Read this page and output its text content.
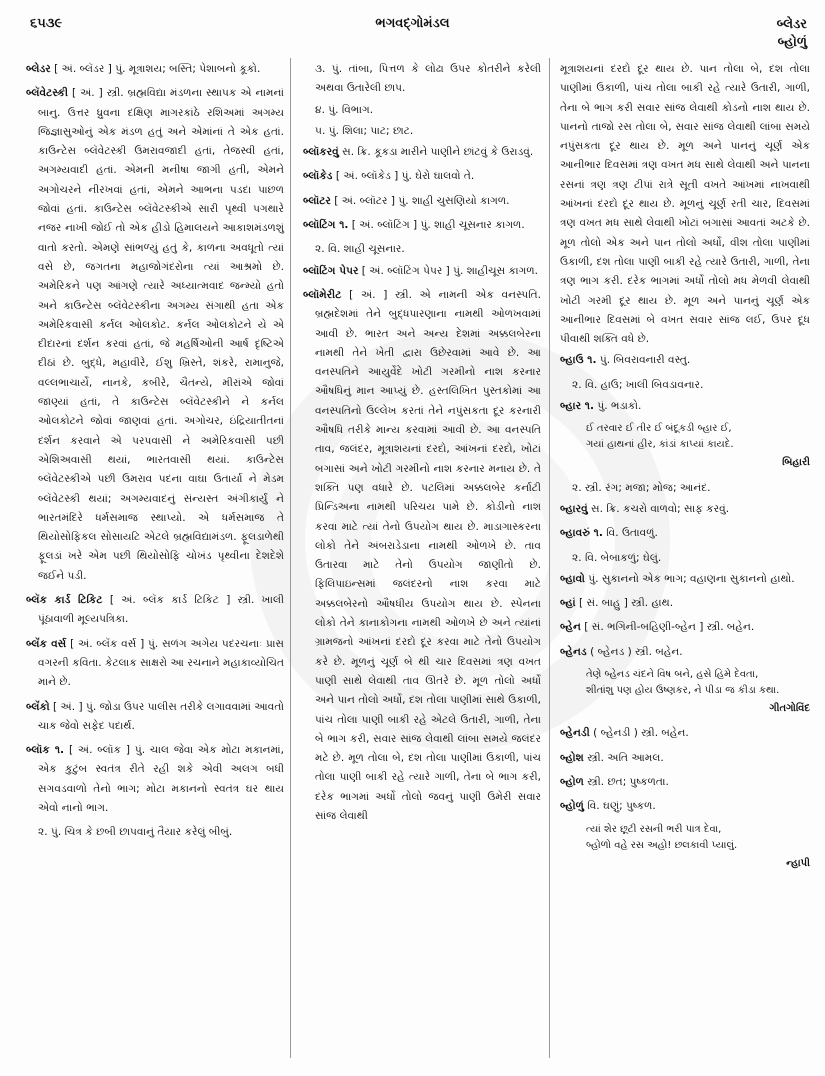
૬૫૩૯	ભગવદ્ગોમંડલ	બ્લેડર
બ્હોળું
બ્લેડર [ અં. બ્લૅડર ] પું. મૂત્રાશય; બસ્તિ; પેશાબનો કૂકો.
બ્લૅવેટસ્કી [ અં. ] સ્ત્રી. બ્રહ્મવિદ્યા મંડળના સ્થાપક એ નામનાં બાનુ. ઉત્તર ધ્રુવના દક્ષિણ માગરકાંઠે રશિઅમાં અગમ્ય જિજ્ઞાસુઓનું એક મંડળ હતું અને એમાંનાં તે એક હતાં. કાઉન્ટેસ બ્લૅવેટસ્કી ઉમરાવજાદી હતાં, તેજસ્વી હતાં, અગમ્યવાદી હતાં. એમની મનીષા જાગી હતી, એમને અગોચરને નીરખવાં હતાં, એમને આભના પડદા પાછળ જોવાં હતાં. કાઉન્ટેસ બ્લૅવેટસ્કીએ સારી પૃથ્વી પગથારે નજર નાખી જોઈ તો એક હીડો હિમાલયને આકાશમંડળશું વાતો કરતો. એમણે સાંભળ્યું હતું કે, કાળના અવધૂતો ત્યાં વસે છે, જગતના મહાજોગંદરોના ત્યાં આશ્રમો છે. અમેરિકને પણ આંગણે ત્યારે અધ્યાત્મવાદ જન્મ્યો હતો અને કાઉન્ટેસ બ્લૅવેટસ્કીના અગમ્ય સંગાથી હતા એક અમેરિકવાસી કર્નલ ઓલકોટ. કર્નલ ઓલકોટને યે એ દીદારનાં દર્શન કરવાં હતાં, જે મહર્ષિઓની આર્ષ દૃષ્ટિએ દીઠાં છે. બુદ્ધે, મહાવીરે, ઈશુ ખ્રિસ્તે, શંકરે, રામાનુજે, વલ્લભાચાર્યે, નાનકે, કબીરે, ચૈતન્યે, મીરાંએ જોવાં જાણ્યાં હતાં, તે કાઉન્ટેસ બ્લૅવેટસ્કીને ને કર્નલ ઓલકોટને જોવાં જાણવાં હતાં. અગોચર, ઇંદ્રિયાતીતનાં દર્શન કરવાને એ પરપવાસી ને અમેરિકવાસી પછી એશિઅવાસી થયાં, ભારતવાસી થયાં. કાઉન્ટેસ બ્લૅવેટસ્કીએ પછી ઉમરાવ પદના વાઘા ઉતાર્યા ને મેડમ બ્લૅવેટસ્કી થયાં; અગમ્યવાદનું સંન્યસ્ત અંગીકાર્યું ને ભારતમંદિરે ધર્મસમાજ સ્થાપ્યો. એ ધર્મસમાજ તે થિયોસોફિકલ સોસાયટિ એટલે બ્રહ્મવિદ્યામંડળ. ફૂલડાળેથી ફૂલડાં ખરે એમ પછી થિયોસોફિ ચોખંડ પૃથ્વીના દેશદેશે જઈને પડી.
બ્લૅક કાર્ડ ટિકિટ [ અં. બ્લૅક કાર્ડ ટિકિટ ] સ્ત્રી. ખાલી પૂંઠાવાળી મૂલ્યપત્રિકા.
બ્લૅંક વર્સ [ અં. બ્લૅંક વર્સ ] પું. સળંગ અગેય પદરચનાઃ પ્રાસ વગરની કવિતા. કેટલાક સાક્ષરો આ રચનાને મહાકાવ્યોચિત માને છે.
બ્લૅંકો [ અં. ] પું. જોડા ઉપર પાલીસ તરીકે લગાવવામાં આવતો ચાક જેવો સફેદ પદાર્થ.
બ્લૉક ૧. [ અં. બ્લૉક ] પું. ચાલ જેવા એક મોટા મકાનમાં, એક કુટુંબ સ્વતંત્ર રીતે રહી શકે એવી અલગ બધી સગવડવાળો તેનો ભાગ; મોટા મકાનનો સ્વતંત્ર ઘર થાય એવો નાનો ભાગ.
૨. પું. ચિત્ર કે છબી છાપવાનું તૈયાર કરેલું બીબું.
૩. પું. તાંબા, પિત્તળ કે લોઢા ઉપર કોતરીને કરેલી અથવા ઉતારેલી છાપ.
૪. પું. વિભાગ.
૫. પું. શિલા; પાટ; છાટ.
બ્લૉકરવું સ. ક્રિ. કૂકડા મારીને પાણીને છાંટવું કે ઉરાડવું.
બ્લૉકેડ [ અં. બ્લૉકેડ ] પું. ઘેરો ઘાલવો તે.
બ્લૉટર [ અં. બ્લૉટર ] પું. શાહી ચુસણિયો કાગળ.
બ્લૉટિંગ ૧. [ અં. બ્લૉટિંગ ] પું. શાહી ચૂસનાર કાગળ.
૨. વિ. શાહી ચૂસનાર.
બ્લૉટિંગ પેપર [ અં. બ્લૉટિંગ પેપર ] પું. શાહીચૂસ કાગળ.
બ્લૉમેરીટ [ અં. ] સ્ત્રી. એ નામની એક વનસ્પતિ. બ્રહ્મદેશમાં તેને બુદ્ધપારણાના નામથી ઓળખવામાં આવી છે. ભારત અને અન્ય દેશમાં અક્કલબેરના નામથી તેને ખેતી દ્વારા ઉછેરવામાં આવે છે. આ વનસ્પતિને આયુર્વેદે ખોટી ગરમીનો નાશ કરનાર ઔષધિનું માન આપ્યું છે. હસ્તલિખિત પુસ્તકોમાં આ વનસ્પતિનો ઉલ્લેખ કરતાં તેને નપુંસકતા દૂર કરનારી ઔષધિ તરીકે માન્ય કરવામાં આવી છે. આ વનસ્પતિ તાવ, જલંદર, મૂત્રાશયનાં દરદો, આંખનાં દરદો, ખોટાં બગાસાં અને ખોટી ગરમીનો નાશ કરનાર મનાય છે. તે શક્તિ પણ વધારે છે. પટલિમાં અક્કલબેર કર્નાટી પ્રિન્ડિઅના નામથી પરિચય પામે છે. કોડીનો નાશ કરવા માટે ત્યાં તેનો ઉપયોગ થાય છે. માડાગાસ્કરના લોકો તેને અંબરાડેડાના નામથી ઓળખે છે. તાવ ઉતારવા માટે તેનો ઉપયોગ જાણીતો છે. ફિલિપાઇન્સમાં જલંદરનો નાશ કરવા માટે અક્કલબેરનો ઔષધીય ઉપયોગ થાય છે. સ્પેનના લોકો તેને કાનાકોગના નામથી ઓળખે છે અને ત્યાંનાં ગ્રામજનો આંખનાં દરદો દૂર કરવા માટે તેનો ઉપયોગ કરે છે. મૂળનું ચૂર્ણ બે થી ચાર દિવસમાં ત્રણ વખત પાણી સાથે લેવાથી તાવ ઊતરે છે. મૂળ તોલો અર્ધો અને પાન તોલો અર્ધો, દશ તોલા પાણીમાં સાથે ઉકાળી, પાંચ તોલા પાણી બાકી રહે એટલે ઉતારી, ગાળી, તેના બે ભાગ કરી, સવાર સાંજ લેવાથી લાંબા સમયે જલંદર મટે છે. મૂળ તોલા બે, દશ તોલા પાણીમાં ઉકાળી, પાંચ તોલા પાણી બાકી રહે ત્યારે ગાળી, તેના બે ભાગ કરી, દરેક ભાગમાં અર્ધો તોલો જવનું પાણી ઉમેરી સવાર સાંજ લેવાથી
મૂત્રાશયનાં દરદો દૂર થાય છે. પાન તોલા બે, દશ તોલા પાણીમાં ઉકાળી, પાંચ તોલા બાકી રહે ત્યારે ઉતારી, ગાળી, તેના બે ભાગ કરી સવાર સાંજ લેવાથી કોડનો નાશ થાય છે. પાનનો તાજો રસ તોલા બે, સવાર સાંજ લેવાથી લાંબા સમયે નપુંસકતા દૂર થાય છે. મૂળ અને પાનનું ચૂર્ણ એક આનીભાર દિવસમાં ત્રણ વખત મધ સાથે લેવાથી અને પાનના રસનાં ત્રણ ત્રણ ટીપાં રાત્રે સૂતી વખતે આંખમાં નાખવાથી આંખનાં દરદો દૂર થાય છે. મૂળનું ચૂર્ણ રતી ચાર, દિવસમાં ત્રણ વખત મધ સાથે લેવાથી ખોટાં બગાસાં આવતાં અટકે છે. મૂળ તોલો એક અને પાન તોલો અર્ધો, વીશ તોલા પાણીમાં ઉકાળી, દશ તોલા પાણી બાકી રહે ત્યારે ઉતારી, ગાળી, તેના ત્રણ ભાગ કરી. દરેક ભાગમાં અર્ધો તોલો મધ મેળવી લેવાથી ખોટી ગરમી દૂર થાય છે. મૂળ અને પાનનું ચૂર્ણ એક આનીભાર દિવસમાં બે વખત સવાર સાંજ લઈ, ઉપર દૂધ પીવાથી શક્તિ વધે છે.
બ્હાઉ ૧. પું. બિવરાવનારી વસ્તુ.
૨. વિ. હાઉ; ખાલી બિવડાવનાર.
બ્હાર ૧. પું. ભડાકો.
ઈ તરવાર ઈ તીર ઈ બંદૂકડી બ્હાર ઈ,
ગયાં હાથનાં હીર, કાંડાં કાપ્યાં કાયદે.
બિહારી
૨. સ્ત્રી. રંગ; મજા; મોજ; આનંદ.
બ્હારવું સ. ક્રિ. કચરો વાળવો; સાફ કરવું.
બ્હાવરું ૧. વિ. ઉતાવળું.
૨. વિ. બેબાકળું; ઘેલું.
બ્હાવો પું. સુકાનનો એક ભાગ; વહાણના સુકાનનો હાથો.
બ્હાં [ સં. બાહુ ] સ્ત્રી. હાથ.
બ્હેન [ સં. ભગિની-બહિણી-બ્હેન ] સ્ત્રી. બહેન.
બ્હેનડ ( બ્હેનડ ) સ્ત્રી. બહેન.
તેણે બ્હેનડ ચંદને વિષ બને, હસે હિમે દેવતા,
શીતાંશુ પણ હોય ઉષ્ણકર, ને પીડા જ કીડા કથા.
ગીતગોવિંદ
બ્હેનડી ( બ્હેનડી ) સ્ત્રી. બહેન.
બ્હોશ સ્ત્રી. અતિ આમલ.
બ્હોળ સ્ત્રી. છત; પુષ્કળતા.
બ્હોળું વિ. ઘણું; પુષ્કળ.
ત્યાં શેર છૂટી રસની ભરી પાત્ર દેવા,
બ્હોળો વહે રસ અહો! છલકાવી પ્યાલું.
ન્હાપી
